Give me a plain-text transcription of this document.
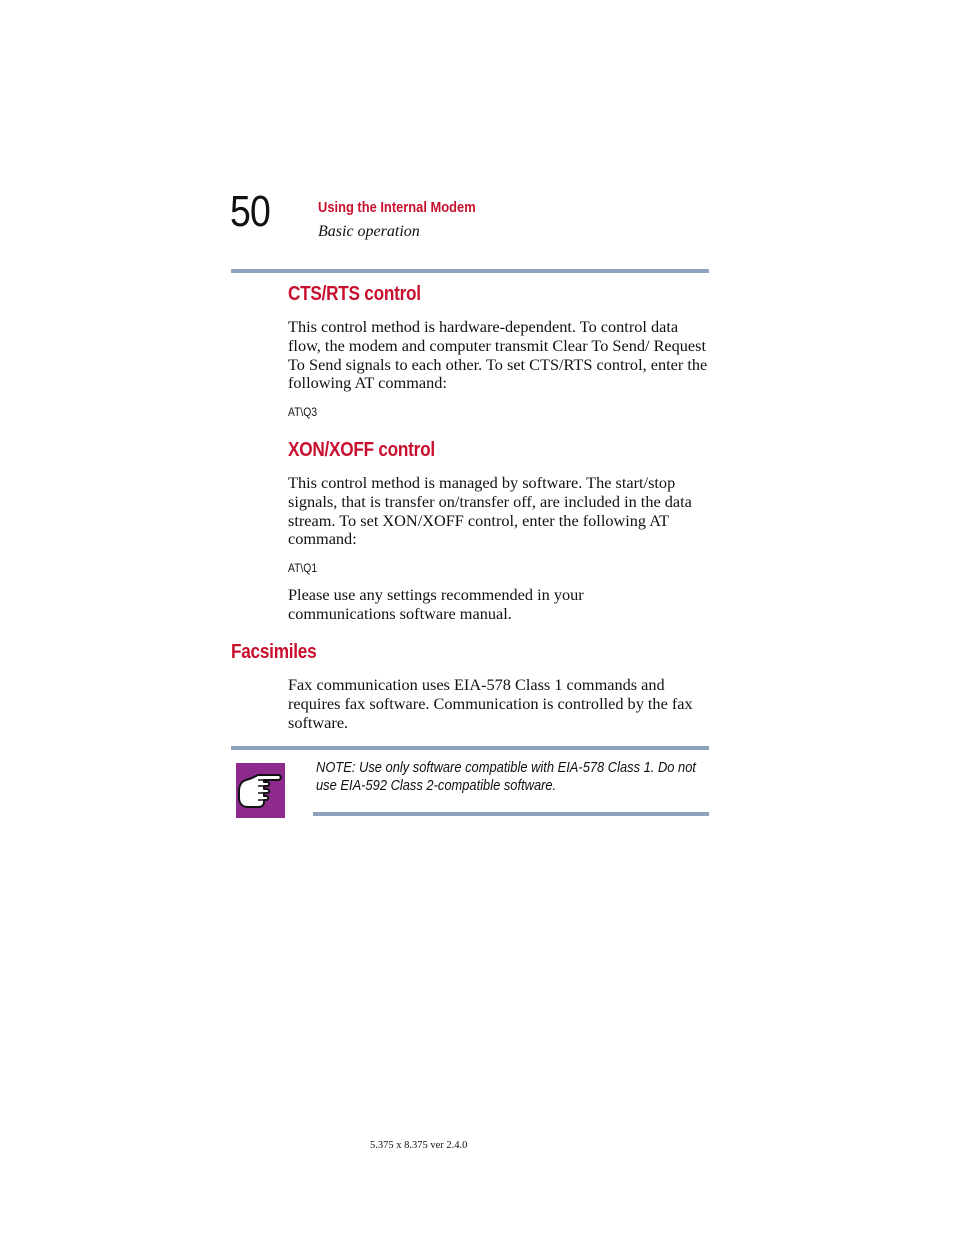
50	Using the Internal Modem
Basic operation
CTS/RTS control

This control method is hardware-dependent. To control data flow, the modem and computer transmit Clear To Send/ Request To Send signals to each other. To set CTS/RTS control, enter the following AT command:

AT\Q3
XON/XOFF control

This control method is managed by software. The start/stop signals, that is transfer on/transfer off, are included in the data stream. To set XON/XOFF control, enter the following AT command:

AT\Q1

Please use any settings recommended in your communications software manual.

Facsimiles

Fax communication uses EIA-578 Class 1 commands and requires fax software. Communication is controlled by the fax software.

NOTE: Use only software compatible with EIA-578 Class 1. Do not use EIA-592 Class 2-compatible software.
5.375 x 8.375 ver 2.4.0
